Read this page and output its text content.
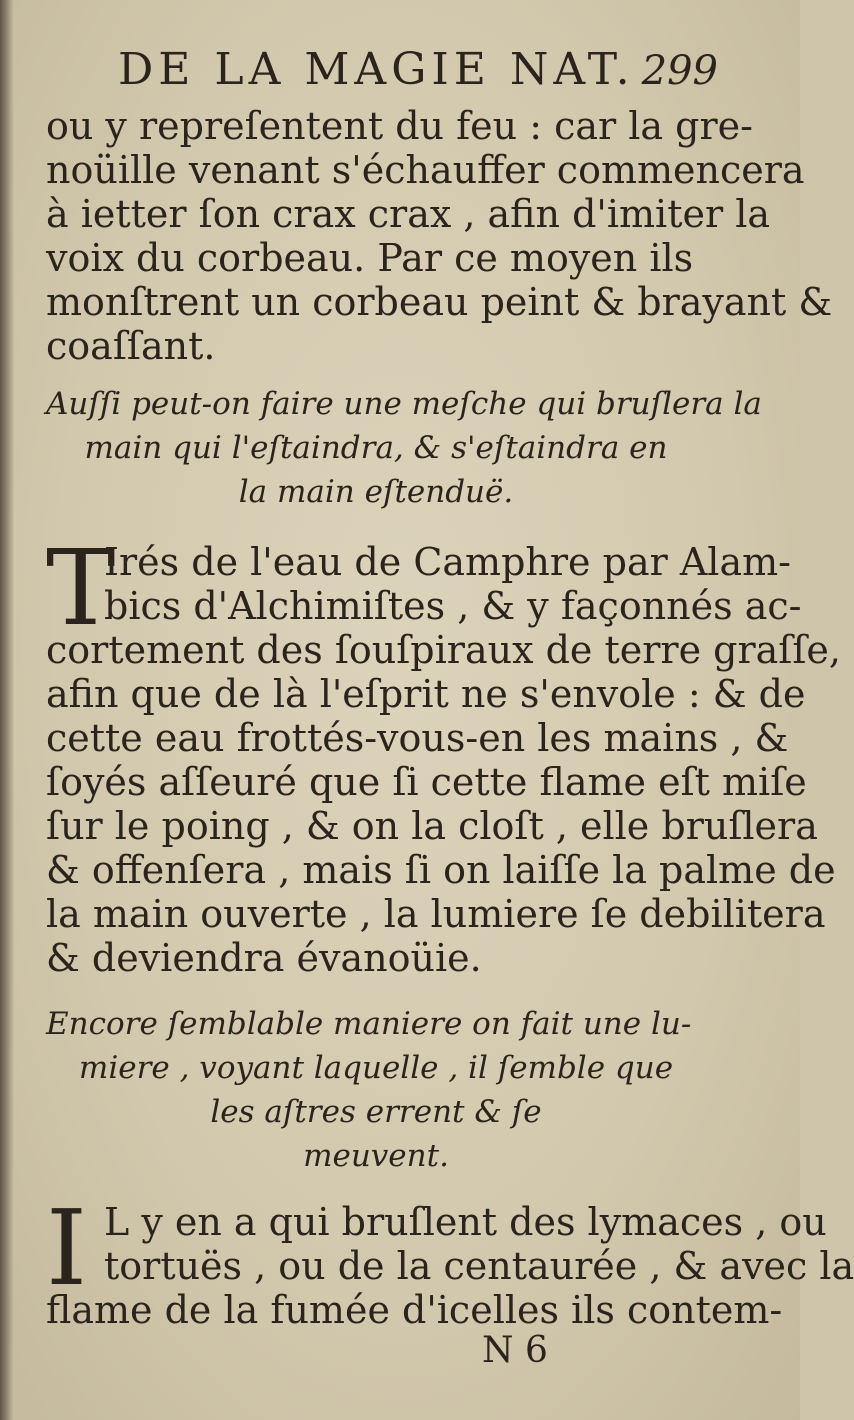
DE LA MAGIE NAT. 299
ou y repreſentent du feu : car la gre-
noüille venant s'échauffer commencera
à ietter ſon crax crax , afin d'imiter la
voix du corbeau. Par ce moyen ils
monſtrent un corbeau peint & brayant &
coaſſant.
Auſſi peut-on faire une meſche qui bruſlera la
main qui l'eſtaindra, & s'eſtaindra en
la main eſtenduë.
T
Irés de l'eau de Camphre par Alam-
bics d'Alchimiſtes , & y façonnés ac-
cortement des ſouſpiraux de terre graſſe,
afin que de là l'eſprit ne s'envole : & de
cette eau frottés-vous-en les mains , &
ſoyés aſſeuré que ſi cette flame eſt miſe
ſur le poing , & on la cloſt , elle bruſlera
& offenſera , mais ſi on laiſſe la palme de
la main ouverte , la lumiere ſe debilitera
& deviendra évanoüie.
Encore ſemblable maniere on fait une lu-
miere , voyant laquelle , il ſemble que
les aſtres errent & ſe
meuvent.
I L y en a qui bruſlent des lymaces , ou
tortuës , ou de la centaurée , & avec la
flame de la fumée d'icelles ils contem-
N 6
